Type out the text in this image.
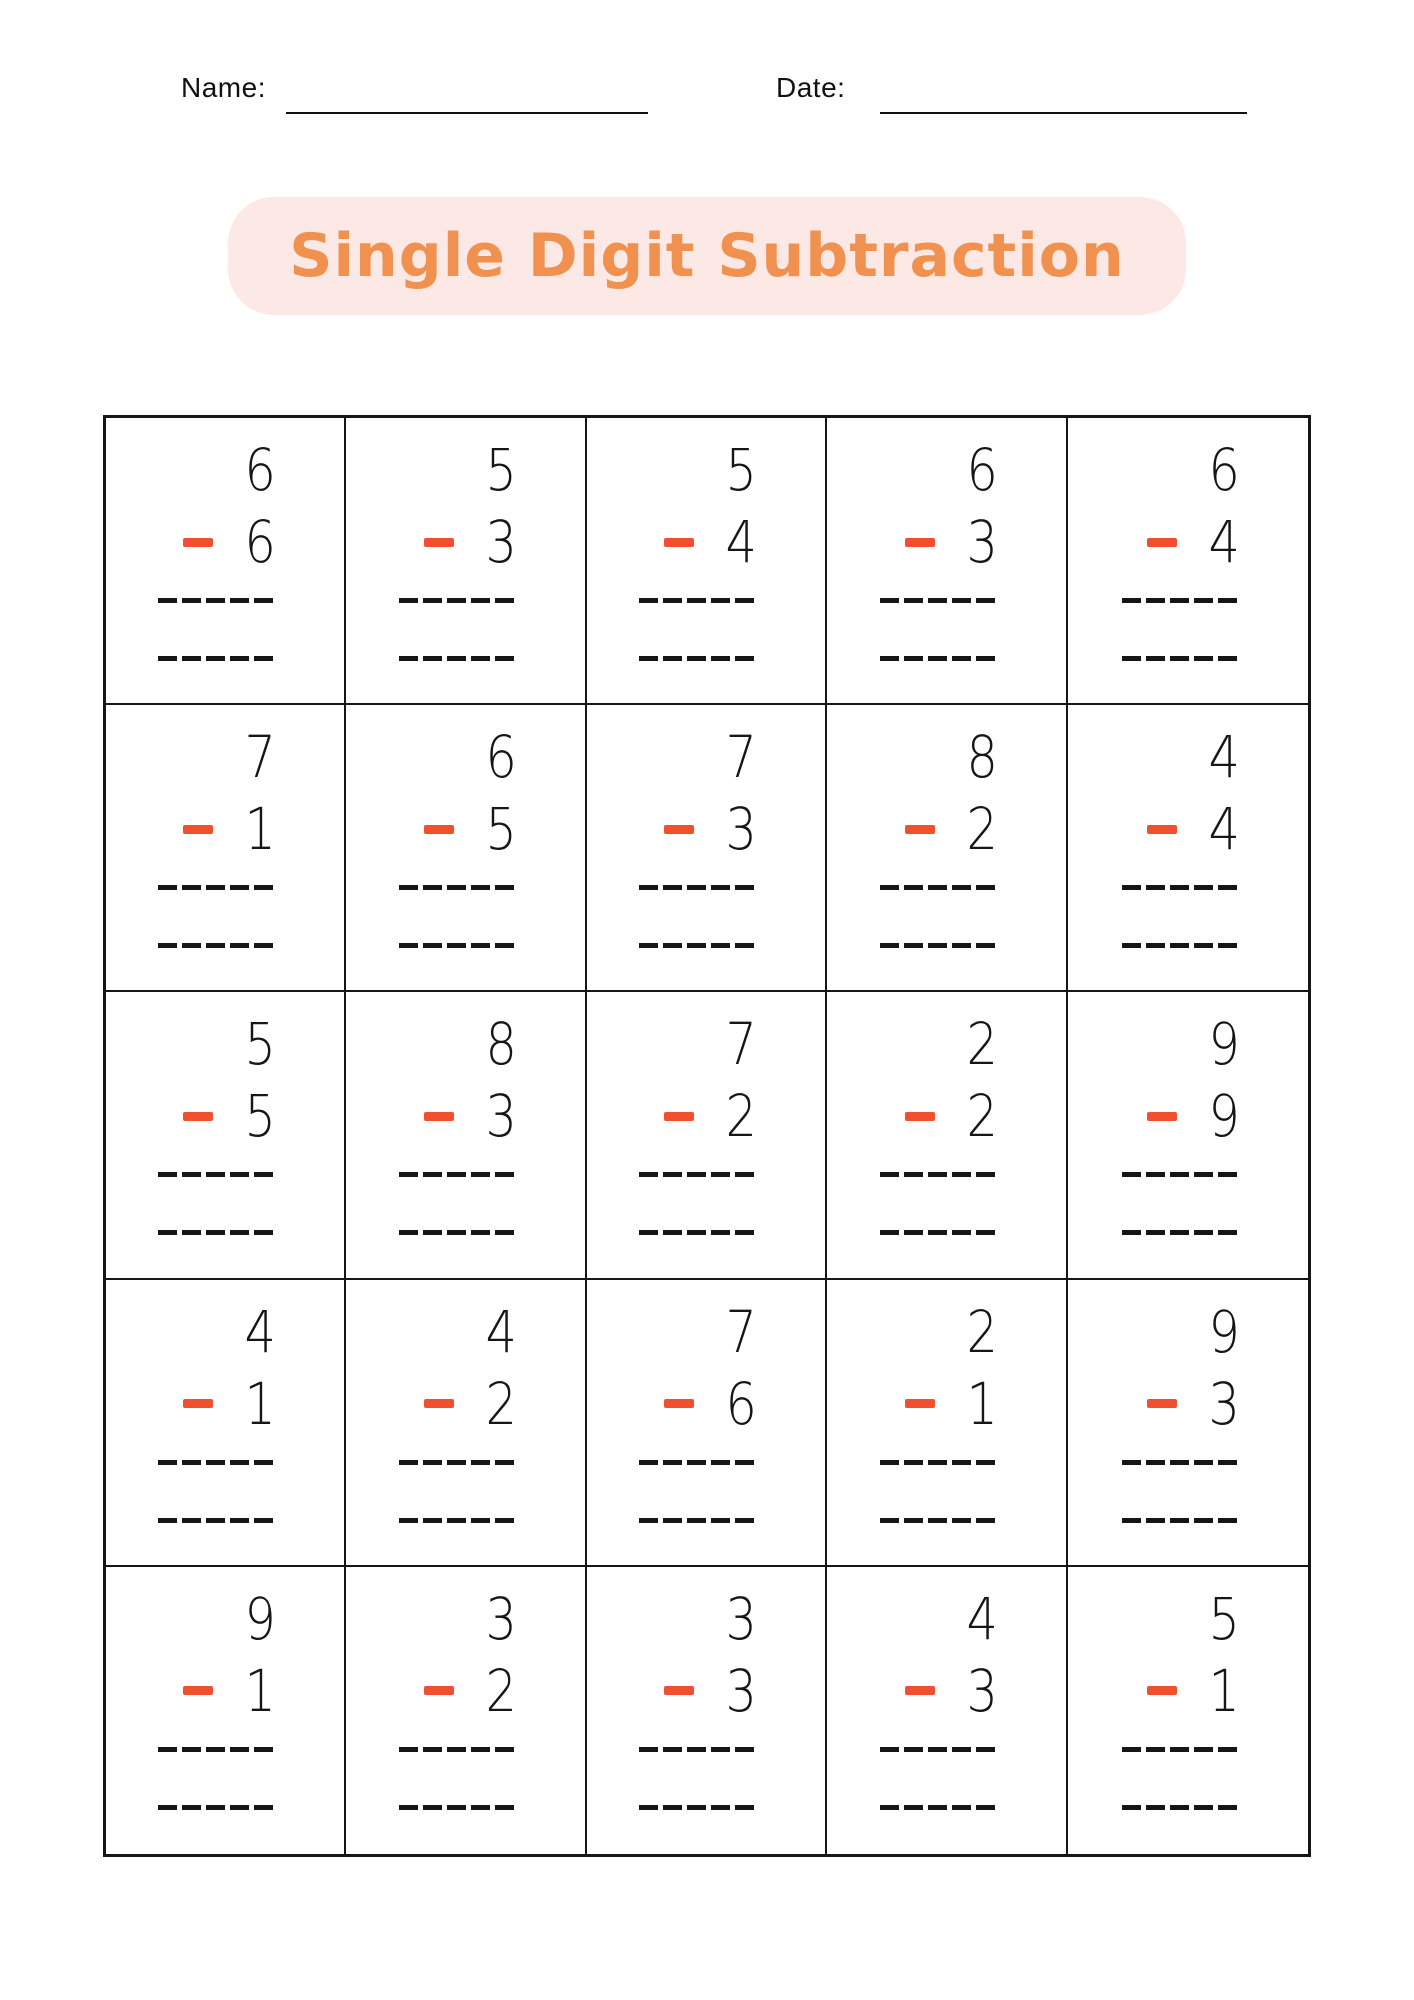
Name:	Date:
Single Digit Subtraction
6
6
5
3
5
4
6
3
6
4
7
1
6
5
7
3
8
2
4
4
5
5
8
3
7
2
2
2
9
9
4
1
4
2
7
6
2
1
9
3
9
1
3
2
3
3
4
3
5
1
